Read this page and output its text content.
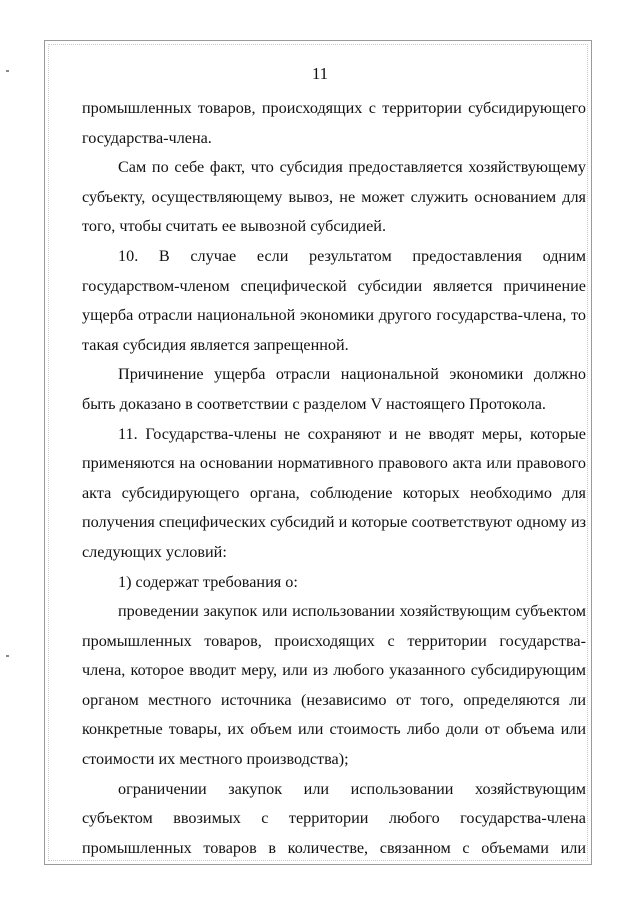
11

промышленных товаров, происходящих с территории субсидирующего государства-члена.

Сам по себе факт, что субсидия предоставляется хозяйствующему субъекту, осуществляющему вывоз, не может служить основанием для того, чтобы считать ее вывозной субсидией.

10. В случае если результатом предоставления одним государством-членом специфической субсидии является причинение ущерба отрасли национальной экономики другого государства-члена, то такая субсидия является запрещенной.

Причинение ущерба отрасли национальной экономики должно быть доказано в соответствии с разделом V настоящего Протокола.

11. Государства-члены не сохраняют и не вводят меры, которые применяются на основании нормативного правового акта или правового акта субсидирующего органа, соблюдение которых необходимо для получения специфических субсидий и которые соответствуют одному из следующих условий:

1) содержат требования о:

проведении закупок или использовании хозяйствующим субъектом промышленных товаров, происходящих с территории государства-члена, которое вводит меру, или из любого указанного субсидирующим органом местного источника (независимо от того, определяются ли конкретные товары, их объем или стоимость либо доли от объема или стоимости их местного производства);

ограничении закупок или использовании хозяйствующим субъектом ввозимых с территории любого государства-члена промышленных товаров в количестве, связанном с объемами или
